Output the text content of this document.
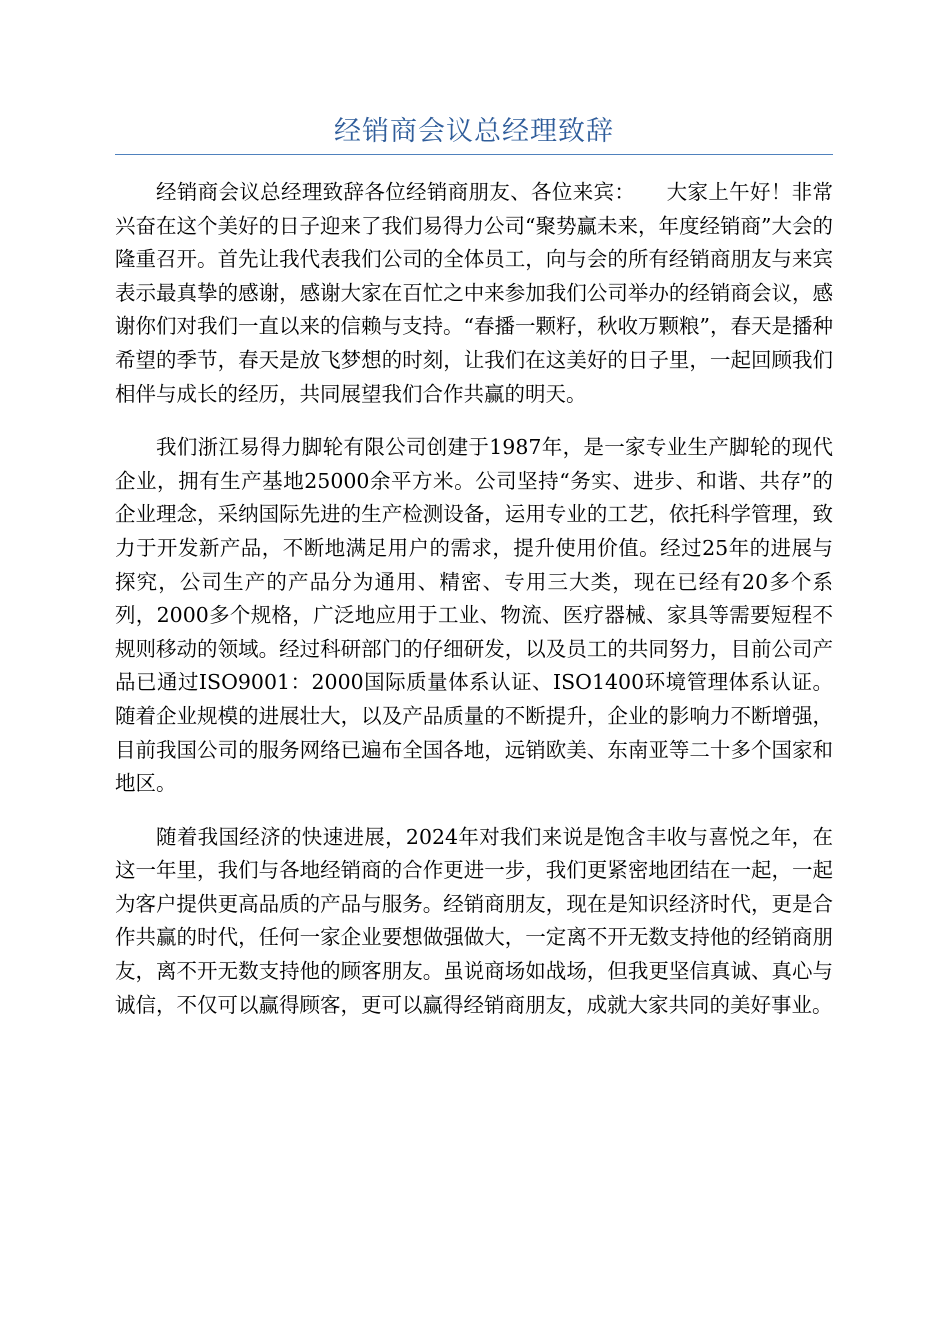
经销商会议总经理致辞

经销商会议总经理致辞各位经销商朋友、各位来宾：　　大家上午好！非常兴奋在这个美好的日子迎来了我们易得力公司“聚势赢未来，年度经销商”大会的隆重召开。首先让我代表我们公司的全体员工，向与会的所有经销商朋友与来宾表示最真挚的感谢，感谢大家在百忙之中来参加我们公司举办的经销商会议，感谢你们对我们一直以来的信赖与支持。“春播一颗籽，秋收万颗粮”，春天是播种希望的季节，春天是放飞梦想的时刻，让我们在这美好的日子里，一起回顾我们相伴与成长的经历，共同展望我们合作共赢的明天。

我们浙江易得力脚轮有限公司创建于1987年，是一家专业生产脚轮的现代企业，拥有生产基地25000余平方米。公司坚持“务实、进步、和谐、共存”的企业理念，采纳国际先进的生产检测设备，运用专业的工艺，依托科学管理，致力于开发新产品，不断地满足用户的需求，提升使用价值。经过25年的进展与探究，公司生产的产品分为通用、精密、专用三大类，现在已经有20多个系列，2000多个规格，广泛地应用于工业、物流、医疗器械、家具等需要短程不规则移动的领域。经过科研部门的仔细研发，以及员工的共同努力，目前公司产品已通过ISO9001：2000国际质量体系认证、ISO1400环境管理体系认证。随着企业规模的进展壮大，以及产品质量的不断提升，企业的影响力不断增强，目前我国公司的服务网络已遍布全国各地，远销欧美、东南亚等二十多个国家和地区。

随着我国经济的快速进展，2024年对我们来说是饱含丰收与喜悦之年，在这一年里，我们与各地经销商的合作更进一步，我们更紧密地团结在一起，一起为客户提供更高品质的产品与服务。经销商朋友，现在是知识经济时代，更是合作共赢的时代，任何一家企业要想做强做大，一定离不开无数支持他的经销商朋友，离不开无数支持他的顾客朋友。虽说商场如战场，但我更坚信真诚、真心与诚信，不仅可以赢得顾客，更可以赢得经销商朋友，成就大家共同的美好事业。
